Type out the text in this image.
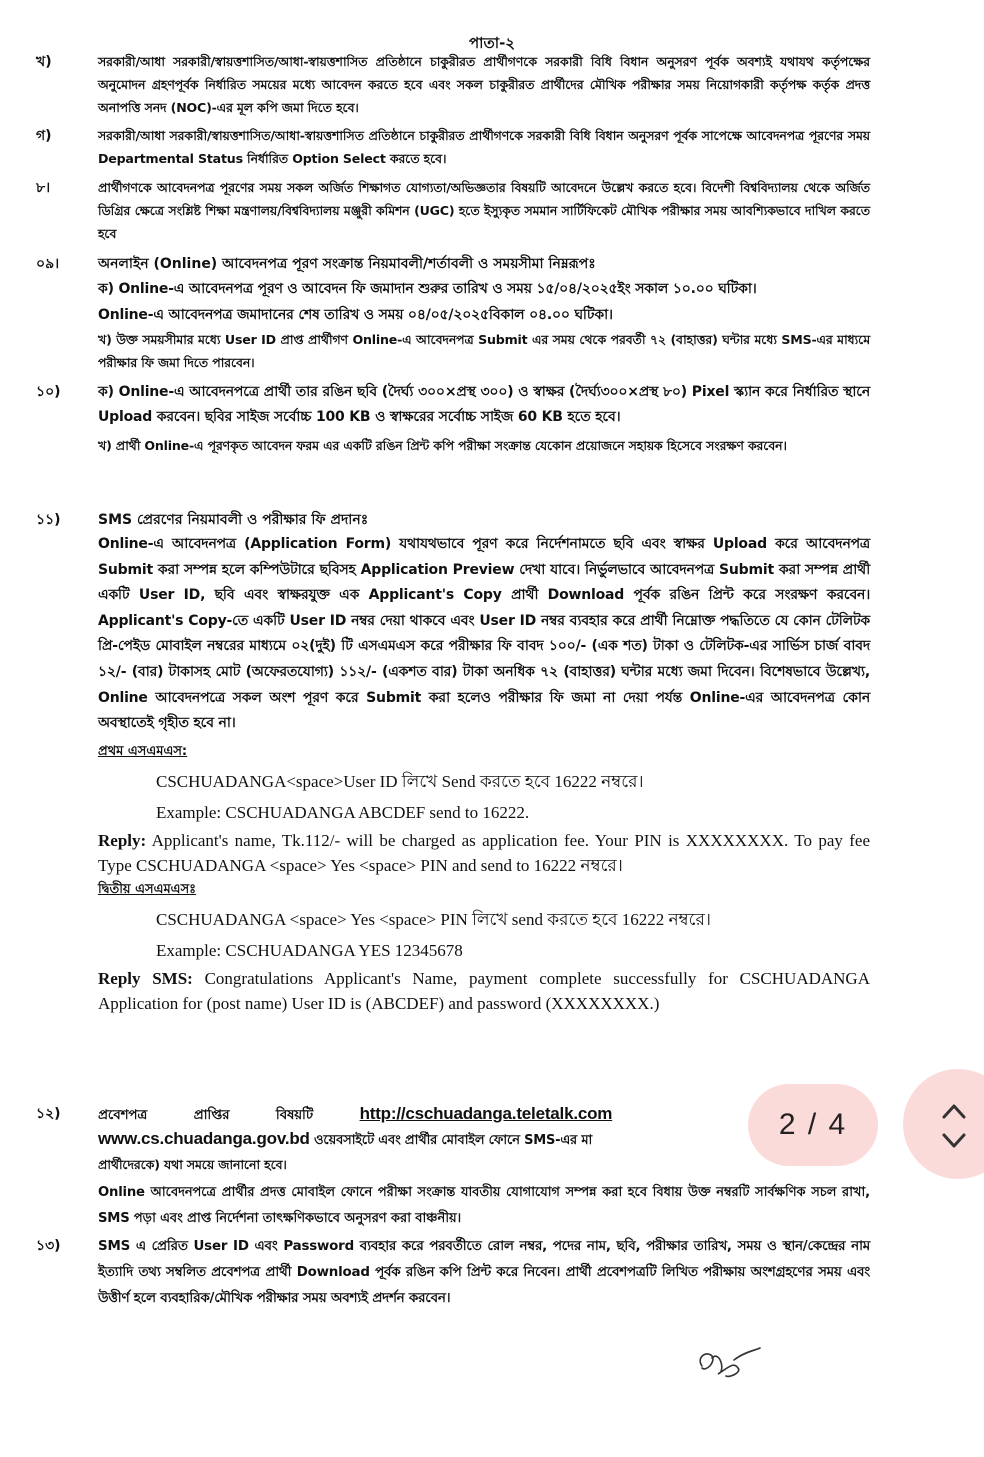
পাতা-২
খ)	সরকারী/আধা সরকারী/স্বায়ত্তশাসিত/আধা-স্বায়ত্তশাসিত প্রতিষ্ঠানে চাকুরীরত প্রার্থীগণকে সরকারী বিধি বিধান অনুসরণ পূর্বক অবশ্যই যথাযথ কর্তৃপক্ষের অনুমোদন গ্রহণপূর্বক নির্ধারিত সময়ের মধ্যে আবেদন করতে হবে এবং সকল চাকুরীরত প্রার্থীদের মৌখিক পরীক্ষার সময় নিয়োগকারী কর্তৃপক্ষ কর্তৃক প্রদত্ত অনাপত্তি সনদ (NOC)-এর মূল কপি জমা দিতে হবে।

গ)	সরকারী/আধা সরকারী/স্বায়ত্তশাসিত/আধা-স্বায়ত্তশাসিত প্রতিষ্ঠানে চাকুরীরত প্রার্থীগণকে সরকারী বিধি বিধান অনুসরণ পূর্বক সাপেক্ষে আবেদনপত্র পূরণের সময় Departmental Status নির্ধারিত Option Select করতে হবে।

৮।	প্রার্থীগণকে আবেদনপত্র পূরণের সময় সকল অর্জিত শিক্ষাগত যোগ্যতা/অভিজ্ঞতার বিষয়টি আবেদনে উল্লেখ করতে হবে। বিদেশী বিশ্ববিদ্যালয় থেকে অর্জিত ডিগ্রির ক্ষেত্রে সংশ্লিষ্ট শিক্ষা মন্ত্রণালয়/বিশ্ববিদ্যালয় মঞ্জুরী কমিশন (UGC) হতে ইস্যুকৃত সমমান সার্টিফিকেট মৌখিক পরীক্ষার সময় আবশ্যিকভাবে দাখিল করতে হবে

০৯।	অনলাইন (Online) আবেদনপত্র পূরণ সংক্রান্ত নিয়মাবলী/শর্তাবলী ও সময়সীমা নিম্নরূপঃ

ক) Online-এ আবেদনপত্র পূরণ ও আবেদন ফি জমাদান শুরুর তারিখ ও সময় ১৫/০৪/২০২৫ইং সকাল ১০.০০ ঘটিকা।

Online-এ আবেদনপত্র জমাদানের শেষ তারিখ ও সময় ০৪/০৫/২০২৫বিকাল ০৪.০০ ঘটিকা।

খ) উক্ত সময়সীমার মধ্যে User ID প্রাপ্ত প্রার্থীগণ Online-এ আবেদনপত্র Submit এর সময় থেকে পরবর্তী ৭২ (বাহাত্তর) ঘন্টার মধ্যে SMS-এর মাধ্যমে পরীক্ষার ফি জমা দিতে পারবেন।

১০)	ক) Online-এ আবেদনপত্রে প্রার্থী তার রঙিন ছবি (দৈর্ঘ্য ৩০০×প্রস্থ ৩০০) ও স্বাক্ষর (দৈর্ঘ্য৩০০×প্রস্থ ৮০) Pixel স্ক্যান করে নির্ধারিত স্থানে Upload করবেন। ছবির সাইজ সর্বোচ্চ 100 KB ও স্বাক্ষরের সর্বোচ্চ সাইজ 60 KB হতে হবে।

খ) প্রার্থী Online-এ পূরণকৃত আবেদন ফরম এর একটি রঙিন প্রিন্ট কপি পরীক্ষা সংক্রান্ত যেকোন প্রয়োজনে সহায়ক হিসেবে সংরক্ষণ করবেন।

১১)	SMS প্রেরণের নিয়মাবলী ও পরীক্ষার ফি প্রদানঃ

Online-এ আবেদনপত্র (Application Form) যথাযথভাবে পূরণ করে নির্দেশনামতে ছবি এবং স্বাক্ষর Upload করে আবেদনপত্র Submit করা সম্পন্ন হলে কম্পিউটারে ছবিসহ Application Preview দেখা যাবে। নির্ভুলভাবে আবেদনপত্র Submit করা সম্পন্ন প্রার্থী একটি User ID, ছবি এবং স্বাক্ষরযুক্ত এক Applicant's Copy প্রার্থী Download পূর্বক রঙিন প্রিন্ট করে সংরক্ষণ করবেন। Applicant's Copy-তে একটি User ID নম্বর দেয়া থাকবে এবং User ID নম্বর ব্যবহার করে প্রার্থী নিম্নোক্ত পদ্ধতিতে যে কোন টেলিটক প্রি-পেইড মোবাইল নম্বরের মাধ্যমে ০২(দুই) টি এসএমএস করে পরীক্ষার ফি বাবদ ১০০/- (এক শত) টাকা ও টেলিটক-এর সার্ভিস চার্জ বাবদ ১২/- (বার) টাকাসহ মোট (অফেরতযোগ্য) ১১২/- (একশত বার) টাকা অনধিক ৭২ (বাহাত্তর) ঘন্টার মধ্যে জমা দিবেন। বিশেষভাবে উল্লেখ্য, Online আবেদনপত্রে সকল অংশ পূরণ করে Submit করা হলেও পরীক্ষার ফি জমা না দেয়া পর্যন্ত Online-এর আবেদনপত্র কোন অবস্থাতেই গৃহীত হবে না।

প্রথম এসএমএস:

CSCHUADANGA<space>User ID লিখে Send করতে হবে 16222 নম্বরে।

Example: CSCHUADANGA ABCDEF send to 16222.

Reply: Applicant's name, Tk.112/- will be charged as application fee. Your PIN is XXXXXXXX. To pay fee Type CSCHUADANGA <space> Yes <space> PIN and send to 16222 নম্বরে।

দ্বিতীয় এসএমএসঃ

CSCHUADANGA <space> Yes <space> PIN লিখে send করতে হবে 16222 নম্বরে।

Example: CSCHUADANGA YES 12345678

Reply SMS: Congratulations Applicant's Name, payment complete successfully for CSCHUADANGA Application for (post name) User ID is (ABCDEF) and password (XXXXXXXX.)

১২)	প্রবেশপত্র প্রাপ্তির বিষয়টি	http://cschuadanga.teletalk.com

www.cs.chuadanga.gov.bd ওয়েবসাইটে এবং প্রার্থীর মোবাইল ফোনে SMS-এর মা

প্রার্থীদেরকে) যথা সময়ে জানানো হবে।

Online আবেদনপত্রে প্রার্থীর প্রদত্ত মোবাইল ফোনে পরীক্ষা সংক্রান্ত যাবতীয় যোগাযোগ সম্পন্ন করা হবে বিধায় উক্ত নম্বরটি সার্বক্ষণিক সচল রাখা, SMS পড়া এবং প্রাপ্ত নির্দেশনা তাৎক্ষণিকভাবে অনুসরণ করা বাঞ্চনীয়।

১৩)	SMS এ প্রেরিত User ID এবং Password ব্যবহার করে পরবর্তীতে রোল নম্বর, পদের নাম, ছবি, পরীক্ষার তারিখ, সময় ও স্থান/কেন্দ্রের নাম ইত্যাদি তথ্য সম্বলিত প্রবেশপত্র প্রার্থী Download পূর্বক রঙিন কপি প্রিন্ট করে নিবেন। প্রার্থী প্রবেশপত্রটি লিখিত পরীক্ষায় অংশগ্রহণের সময় এবং উত্তীর্ণ হলে ব্যবহারিক/মৌখিক পরীক্ষার সময় অবশ্যই প্রদর্শন করবেন।

2 / 4
